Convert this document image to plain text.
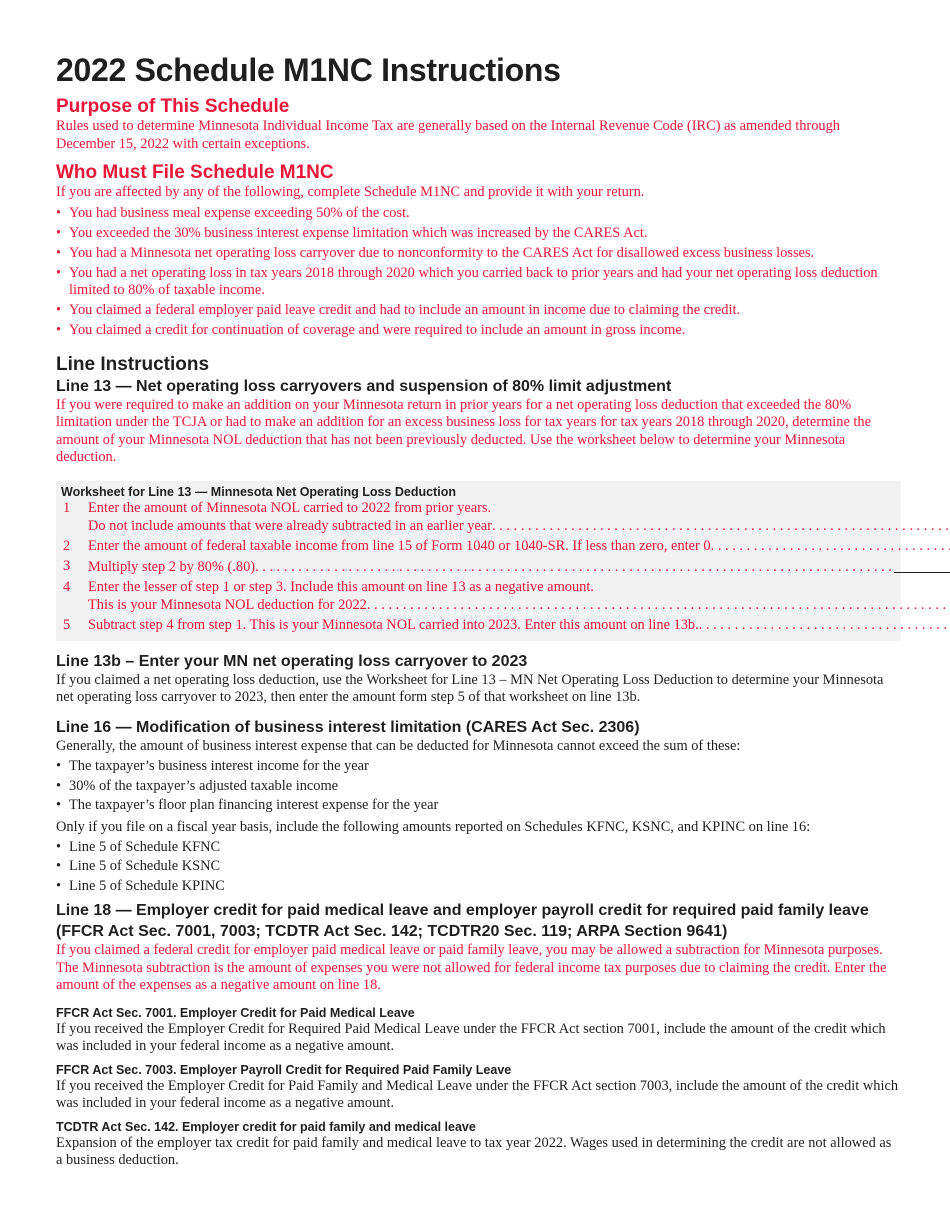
2022 Schedule M1NC Instructions
Purpose of This Schedule

Rules used to determine Minnesota Individual Income Tax are generally based on the Internal Revenue Code (IRC) as amended through December 15, 2022 with certain exceptions.

Who Must File Schedule M1NC

If you are affected by any of the following, complete Schedule M1NC and provide it with your return.

• You had business meal expense exceeding 50% of the cost.
• You exceeded the 30% business interest expense limitation which was increased by the CARES Act.
• You had a Minnesota net operating loss carryover due to nonconformity to the CARES Act for disallowed excess business losses.
• You had a net operating loss in tax years 2018 through 2020 which you carried back to prior years and had your net operating loss deduction limited to 80% of taxable income.
• You claimed a federal employer paid leave credit and had to include an amount in income due to claiming the credit.
• You claimed a credit for continuation of coverage and were required to include an amount in gross income.
Line Instructions
Line 13 — Net operating loss carryovers and suspension of 80% limit adjustment

If you were required to make an addition on your Minnesota return in prior years for a net operating loss deduction that exceeded the 80% limitation under the TCJA or had to make an addition for an excess business loss for tax years for tax years 2018 through 2020, determine the amount of your Minnesota NOL deduction that has not been previously deducted. Use the worksheet below to determine your Minnesota deduction.

Worksheet for Line 13 — Minnesota Net Operating Loss Deduction
1	Enter the amount of Minnesota NOL carried to 2022 from prior years.
Do not include amounts that were already subtracted in an earlier year
. . .
2	Enter the amount of federal taxable income from line 15 of Form 1040 or 1040-SR. If less than zero, enter 0
. . .
3	Multiply step 2 by 80% (.80)
. . .
4	Enter the lesser of step 1 or step 3. Include this amount on line 13 as a negative amount.
This is your Minnesota NOL deduction for 2022
. . .
5	Subtract step 4 from step 1. This is your Minnesota NOL carried into 2023. Enter this amount on line 13b.
. . .
Line 13b – Enter your MN net operating loss carryover to 2023

If you claimed a net operating loss deduction, use the Worksheet for Line 13 – MN Net Operating Loss Deduction to determine your Minnesota net operating loss carryover to 2023, then enter the amount form step 5 of that worksheet on line 13b.

Line 16 — Modification of business interest limitation (CARES Act Sec. 2306)

Generally, the amount of business interest expense that can be deducted for Minnesota cannot exceed the sum of these:

• The taxpayer’s business interest income for the year
• 30% of the taxpayer’s adjusted taxable income
• The taxpayer’s floor plan financing interest expense for the year

Only if you file on a fiscal year basis, include the following amounts reported on Schedules KFNC, KSNC, and KPINC on line 16:

• Line 5 of Schedule KFNC
• Line 5 of Schedule KSNC
• Line 5 of Schedule KPINC
Line 18 — Employer credit for paid medical leave and employer payroll credit for required paid family leave (FFCR Act Sec. 7001, 7003; TCDTR Act Sec. 142; TCDTR20 Sec. 119; ARPA Section 9641)

If you claimed a federal credit for employer paid medical leave or paid family leave, you may be allowed a subtraction for Minnesota purposes. The Minnesota subtraction is the amount of expenses you were not allowed for federal income tax purposes due to claiming the credit. Enter the amount of the expenses as a negative amount on line 18.

FFCR Act Sec. 7001. Employer Credit for Paid Medical Leave

If you received the Employer Credit for Required Paid Medical Leave under the FFCR Act section 7001, include the amount of the credit which was included in your federal income as a negative amount.

FFCR Act Sec. 7003. Employer Payroll Credit for Required Paid Family Leave

If you received the Employer Credit for Paid Family and Medical Leave under the FFCR Act section 7003, include the amount of the credit which was included in your federal income as a negative amount.

TCDTR Act Sec. 142. Employer credit for paid family and medical leave

Expansion of the employer tax credit for paid family and medical leave to tax year 2022. Wages used in determining the credit are not allowed as a business deduction.
